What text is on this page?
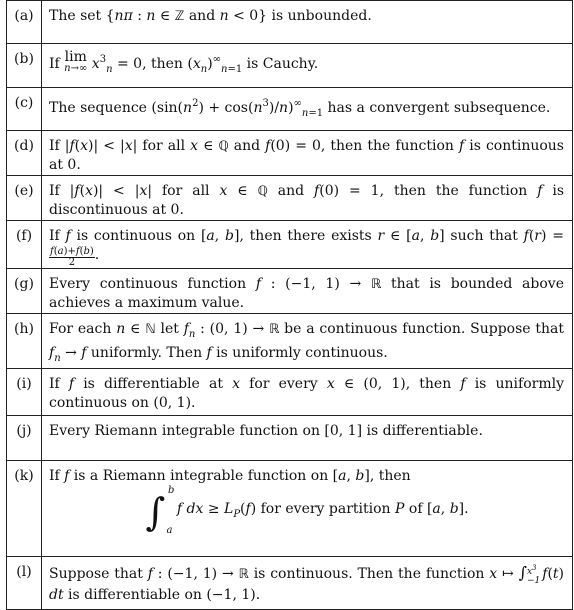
(a)	The set {nπ : n ∈ ℤ and n < 0} is unbounded.
(b)	If lim
n→∞ $x^3_n = 0$, then $(x_n)^\infty_{n=1}$ is Cauchy.
(c)	The sequence $(\sin(n^2) + \cos(n^3)/n)^\infty_{n=1}$ has a convergent subsequence.
(d)	If |f(x)| < |x| for all x ∈ ℚ and f(0) = 0, then the function f is continuous at 0.
(e)	If |f(x)| < |x| for all x ∈ ℚ and f(0) = 1, then the function f is discontinuous at 0.
(f)	If f is continuous on [a, b], then there exists r ∈ [a, b] such that f(r) =
$\frac{f(a)+f(b)}{2}$ .
(g)	Every continuous function f : (−1, 1) → ℝ that is bounded above achieves a maximum value.
(h)	For each n ∈ ℕ let $f_n$ : (0, 1) → ℝ be a continuous function. Suppose that $f_n \to f$ uniformly. Then f is uniformly continuous.
(i)	If f is differentiable at x for every x ∈ (0, 1), then f is uniformly continuous on (0, 1).
(j)	Every Riemann integrable function on [0, 1] is differentiable.
(k)	If f is a Riemann integrable function on [a, b], then
∫ b
a
f dx ≥ $L_P(f)$ for every partition P of [a, b].

(l)	Suppose that f : (−1, 1) → ℝ is continuous. Then the function x ↦ ∫ $x^3$
−1 f(t) dt is differentiable on (−1, 1).
